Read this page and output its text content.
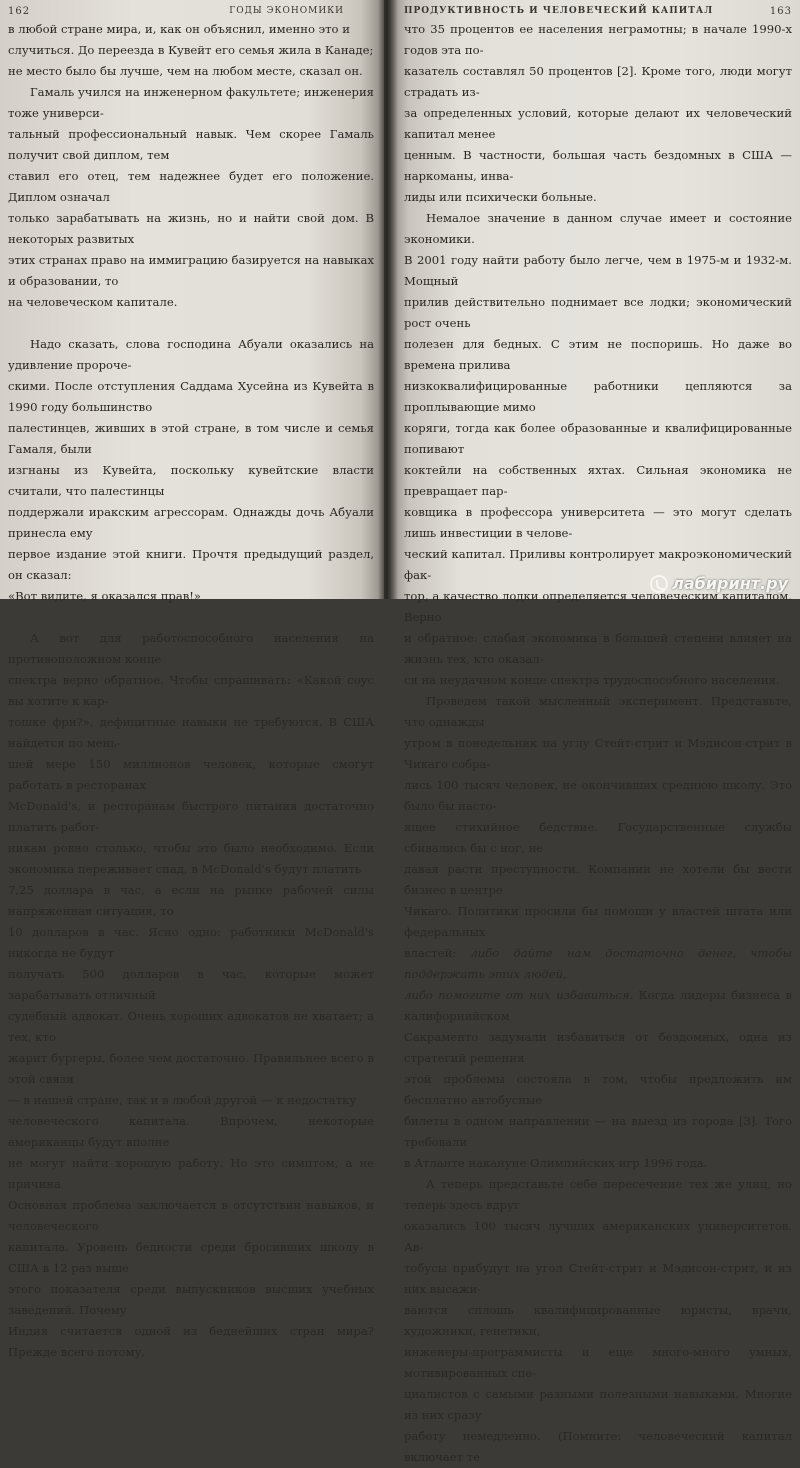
162	ГОДЫ ЭКОНОМИКИ

в любой стране мира, и, как он объяснил, именно это и

случиться. До переезда в Кувейт его семья жила в Канаде;

не место было бы лучше, чем на любом месте, сказал он.

Гамаль учился на инженерном факультете; инженерия тоже универси-

тальный профессиональный навык. Чем скорее Гамаль получит свой диплом, тем

ставил его отец, тем надежнее будет его положение. Диплом означал

только зарабатывать на жизнь, но и найти свой дом. В некоторых развитых

этих странах право на иммиграцию базируется на навыках и образовании, то

на человеческом капитале.

Надо сказать, слова господина Абуали оказались на удивление пророче-

скими. После отступления Саддама Хусейна из Кувейта в 1990 году большинство

палестинцев, живших в этой стране, в том числе и семья Гамаля, были

изгнаны из Кувейта, поскольку кувейтские власти считали, что палестинцы

поддержали иракским агрессорам. Однажды дочь Абуали принесла ему

первое издание этой книги. Прочтя предыдущий раздел, он сказал:

«Вот видите, я оказался прав!»

А вот для работоспособного населения на противоположном конце

спектра верно обратное. Чтобы спрашивать: «Какой соус вы хотите к кар-

тошке фри?», дефицитные навыки не требуются. В США найдется по мень-

шей мере 150 миллионов человек, которые смогут работать в ресторанах

McDonald's, и ресторанам быстрого питания достаточно платить работ-

никам ровно столько, чтобы это было необходимо. Если экономика переживает спад, в McDonald's будут платить

7,25 доллара в час, а если на рынке рабочей силы напряженная ситуация, то

10 долларов в час. Ясно одно: работники McDonald's никогда не будут

получать 500 долларов в час, которые может зарабатывать отличный

судебный адвокат. Очень хороших адвокатов не хватает; а тех, кто

жарит бургеры, более чем достаточно. Правильнее всего в этой связи

— в нашей стране, так и в любой другой — к недостатку

человеческого капитала. Впрочем, некоторые американцы будут вполне

не могут найти хорошую работу. Но это симптом, а не причина

Основная проблема заключается в отсутствии навыков, и человеческого

капитала. Уровень бедности среди бросивших школу в США в 12 раз выше

этого показателя среди выпускников высших учебных заведений. Почему

Индия считается одной из беднейших стран мира? Прежде всего потому,

ПРОДУКТИВНОСТЬ И ЧЕЛОВЕЧЕСКИЙ КАПИТАЛ	163

что 35 процентов ее населения неграмотны; в начале 1990-х годов эта по-

казатель составлял 50 процентов [2]. Кроме того, люди могут страдать из-

за определенных условий, которые делают их человеческий капитал менее

ценным. В частности, большая часть бездомных в США — наркоманы, инва-

лиды или психически больные.

Немалое значение в данном случае имеет и состояние экономики.

В 2001 году найти работу было легче, чем в 1975-м и 1932-м. Мощный

прилив действительно поднимает все лодки; экономический рост очень

полезен для бедных. С этим не поспоришь. Но даже во времена прилива

низкоквалифицированные работники цепляются за проплывающие мимо

коряги, тогда как более образованные и квалифицированные попивают

коктейли на собственных яхтах. Сильная экономика не превращает пар-

ковщика в профессора университета — это могут сделать лишь инвестиции в челове-

ческий капитал. Приливы контролирует макроэкономический фак-

тор, а качество лодки определяется человеческим капиталом. Верно

и обратное: слабая экономика в большей степени влияет на жизнь тех, кто оказал-

ся на неудачном конце спектра трудоспособного населения.

Проведем такой мысленный эксперимент. Представьте, что однажды

утром в понедельник на углу Стейт-стрит и Мэдисон-стрит в Чикаго собра-

лись 100 тысяч человек, не окончивших среднюю школу. Это было бы насто-

ящее стихийное бедствие. Государственные службы сбивались бы с ног, не

давая расти преступности. Компании не хотели бы вести бизнес в центре

Чикаго. Политики просили бы помощи у властей штата или федеральных

властей: либо дайте нам достаточно денег, чтобы поддержать этих людей,

либо помогите от них избавиться. Когда лидеры бизнеса в калифорнийском

Сакраменто задумали избавиться от бездомных, одна из стратегий решения

этой проблемы состояла в том, чтобы предложить им бесплатно автобусные

билеты в одном направлении — на выезд из города [3]. Того требовали

в Атланте накануне Олимпийских игр 1996 года.

А теперь представьте себе пересечение тех же улиц, но теперь здесь вдруг

оказались 100 тысяч лучших американских университетов. Ав-

тобусы прибудут на угол Стейт-стрит и Мэдисон-стрит, и из них высажи-

ваются сплошь квалифицированные юристы, врачи, художники, генетики,

инженеры-программисты и еще много-много умных, мотивированных спе-

циалистов с самыми разными полезными навыками. Многие из них сразу

работу немедленно. (Помните: человеческий капитал включает те

лабиринт.ру
